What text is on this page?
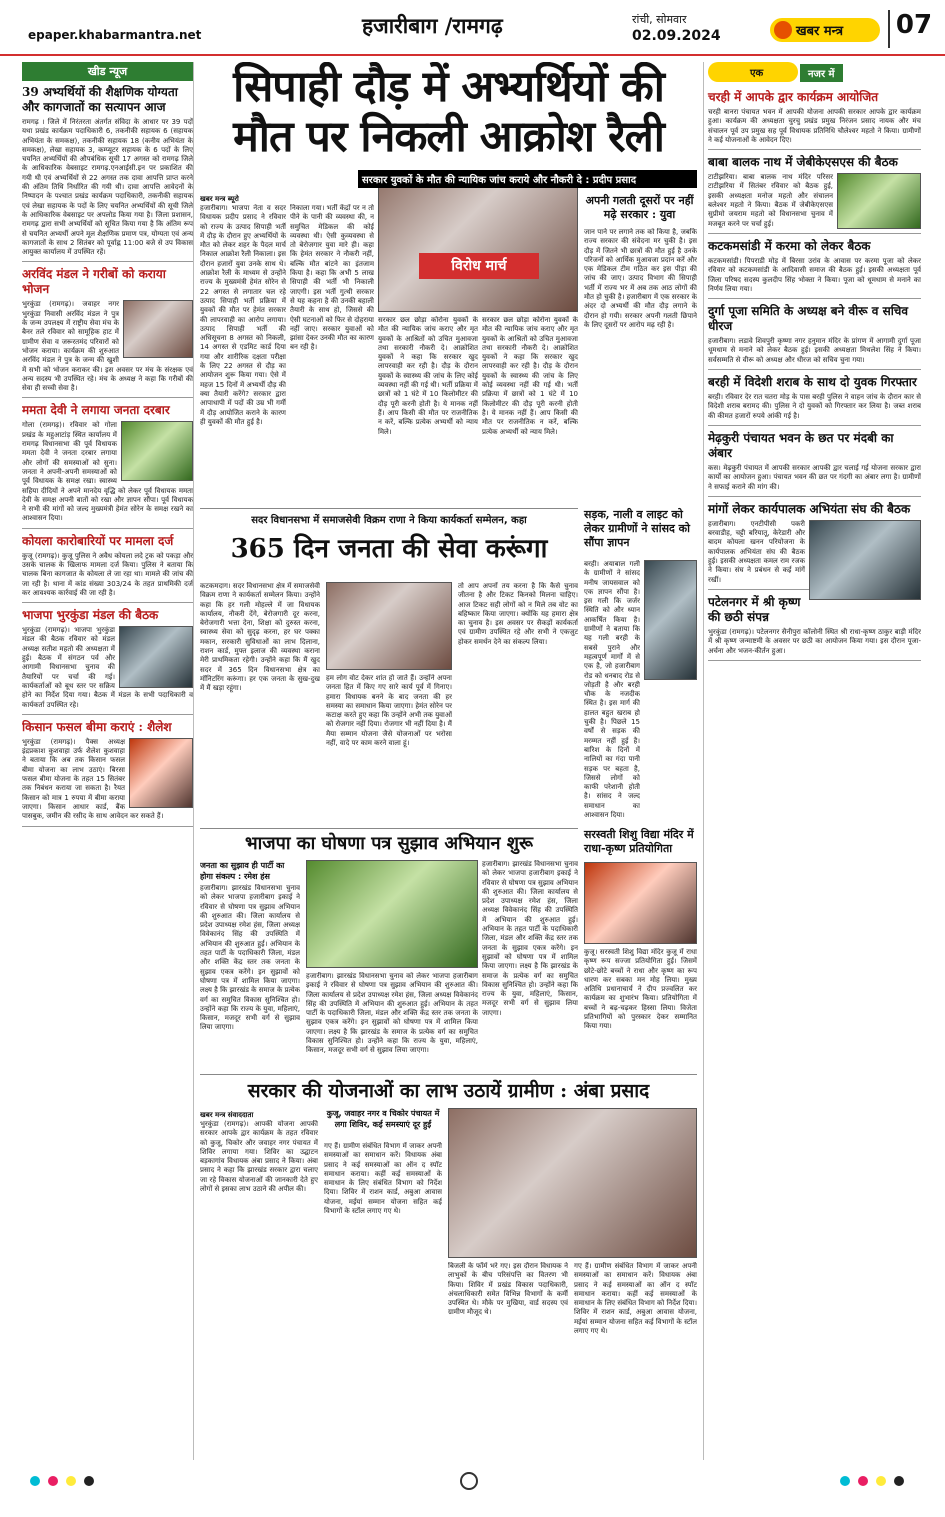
epaper.khabarmantra.net	हजारीबाग /रामगढ़	रांची, सोमवार
02.09.2024	खबर मन्त्र	07
खीड न्यूज
39 अभ्यर्थियों की शैक्षणिक योग्यता और कागजातों का सत्यापन आज
रामगढ़ । जिले में निरंतरता अंतर्गत संविदा के आधार पर 39 पदों यथा प्रखंड कार्यक्रम पदाधिकारी 6, तकनीकी सहायक 6 (सहायक अभियंता के समकक्ष), तकनीकी सहायक 18 (कनीय अभियंता के समकक्ष), लेखा सहायक 3, कम्प्यूटर सहायक के 6 पदों के लिए चयनित अभ्यर्थियों की औपबंधिक सूची 17 अगस्त को रामगढ़ जिले के आधिकारिक वेबसाइट रामगढ़.एनआईसी.इन पर प्रकाशित की गयी थी एवं अभ्यर्थियों से 22 अगस्त तक दावा आपत्ति प्राप्त करने की अंतिम तिथि निर्धारित की गयी थी। दावा आपत्ति आवेदनों के निष्पादन के पश्चात प्रखंड कार्यक्रम पदाधिकारी, तकनीकी सहायक एवं लेखा सहायक के पदों के लिए चयनित अभ्यर्थियों की सूची जिले के आधिकारिक वेबसाइट पर अपलोड किया गया है। जिला प्रशासन, रामगढ़ द्वारा सभी अभ्यर्थियों को सूचित किया गया है कि अंतिम रूप से चयनित अभ्यर्थी अपने मूल शैक्षणिक प्रमाण पत्र, योग्यता एवं अन्य कागजातों के साथ 2 सितंबर को पूर्वाह्न 11:00 बजे से उप विकास आयुक्त कार्यालय में उपस्थित रहें।
अरविंद मंडल ने गरीबों को कराया भोजन
भुरकुंडा (रामगढ़)। जवाहर नगर भुरकुंडा निवासी अरविंद मंडल ने पुत्र के जन्म उपलक्ष्य में राष्ट्रीय सेवा मंच के बैनर तले रविवार को सामूहिक हाट में ग्रामीण सेवा व जरूरतमंद परिवारों को भोजन कराया। कार्यक्रम की शुरुआत अरविंद मंडल ने पुत्र के जन्म की खुशी में सभी को भोजन कराकर की। इस अवसर पर मंच के संरक्षक एवं अन्य सदस्य भी उपस्थित रहे। मंच के अध्यक्ष ने कहा कि गरीबों की सेवा ही सच्ची सेवा है।
ममता देवी ने लगाया जनता दरबार
गोला (रामगढ़)। रविवार को गोला प्रखंड के महुआटांड़ स्थित कार्यालय में रामगढ़ विधानसभा की पूर्व विधायक ममता देवी ने जनता दरबार लगाया और लोगों की समस्याओं को सुना। जनता ने अपनी-अपनी समस्याओं को पूर्व विधायक के समक्ष रखा। स्वास्थ्य सहिया दीदियों ने अपने मानदेय वृद्धि को लेकर पूर्व विधायक ममता देवी के समक्ष अपनी बातों को रखा और ज्ञापन सौंपा। पूर्व विधायक ने सभी की मांगों को जल्द मुख्यमंत्री हेमंत सोरेन के समक्ष रखने का आश्वासन दिया।
कोयला कारोबारियों पर मामला दर्ज
कुजू (रामगढ़)। कुजू पुलिस ने अवैध कोयला लदे ट्रक को पकड़ा और उसके चालक के खिलाफ मामला दर्ज किया। पुलिस ने बताया कि चालक बिना कागजात के कोयला ले जा रहा था। मामले की जांच की जा रही है। थाना में कांड संख्या 303/24 के तहत प्राथमिकी दर्ज कर आवश्यक कार्रवाई की जा रही है।
भाजपा भुरकुंडा मंडल की बैठक
भुरकुंडा (रामगढ़)। भाजपा भुरकुंडा मंडल की बैठक रविवार को मंडल अध्यक्ष सतीश महतो की अध्यक्षता में हुई। बैठक में संगठन पर्व और आगामी विधानसभा चुनाव की तैयारियों पर चर्चा की गई। कार्यकर्ताओं को बूथ स्तर पर सक्रिय होने का निर्देश दिया गया। बैठक में मंडल के सभी पदाधिकारी व कार्यकर्ता उपस्थित रहे।
किसान फसल बीमा कराएं : शैलेश
भुरकुंडा (रामगढ़)। पैक्स अध्यक्ष इंद्रप्रकाश कुशवाहा उर्फ शैलेश कुशवाहा ने बताया कि अब तक किसान फसल बीमा योजना का लाभ उठाएं। बिरसा फसल बीमा योजना के तहत 15 सितंबर तक निबंधन कराया जा सकता है। रैयत किसान को मात्र 1 रुपया में बीमा कराया जाएगा। किसान आधार कार्ड, बैंक पासबुक, जमीन की रसीद के साथ आवेदन कर सकते हैं।
सिपाही दौड़ में अभ्यर्थियों की मौत पर निकली आक्रोश रैली
विरोध मार्च
सरकार युवकों के मौत की न्यायिक जांच कराये और नौकरी दे : प्रदीप प्रसाद
खबर मन्त्र ब्यूरो
हजारीबाग। भाजपा नेता व सदर विधायक प्रदीप प्रसाद ने रविवार को राज्य के उत्पाद सिपाही भर्ती में दौड़ के दौरान हुए अभ्यर्थियों के मौत को लेकर शहर के पैदल मार्च निकाल आक्रोश रैली निकाला। इस दौरान हजारों युवा उनके साथ थे। आक्रोश रैली के माध्यम से उन्होंने राज्य के मुख्यमंत्री हेमंत सोरेन से 22 अगस्त से लगातार चल रहे उत्पाद सिपाही भर्ती प्रक्रिया में युवकों की मौत पर हेमंत सरकार की लापरवाही का आरोप लगाया। उत्पाद सिपाही भर्ती की अधिसूचना 8 अगस्त को निकली, 14 अगस्त से एडमिट कार्ड दिया गया और शारीरिक दक्षता परीक्षा के लिए 22 अगस्त से दौड़ का आयोजन शुरू किया गया। ऐसे में महज 15 दिनों में अभ्यर्थी दौड़ की क्या तैयारी करेंगे? सरकार द्वारा आपाधापी में पदों की उम्र भी गर्मी में दौड़ आयोजित कराने के कारण ही युवकों की मौत हुई है।
निकाला गया। भर्ती केंद्रों पर न तो पीने के पानी की व्यवस्था की, न समुचित मेडिकल की कोई व्यवस्था थी। ऐसी कुव्यवस्था से तो बेरोजगार युवा मारे ही। कहा कि हेमंत सरकार ने नौकरी नहीं, बल्कि मौत बांटने का इंतजाम किया है। कहा कि अभी 5 लाख सिपाही की भर्ती भी निकाली जाएगी। इस भर्ती गुत्थी सरकार से यह कहना है की उनकी बहाली तैयारी के साथ हो, जिससे की ऐसी घटनाओं को फिर से दोहराया नहीं जाए। सरकार युवाओं को झांसा देकर उनकी मौत का कारण बन रही है।
सरकार छल छोड़ा कोरोना युवकों के मौत की न्यायिक जांच कराए और मृत युवकों के आश्रितों को उचित मुआवजा तथा सरकारी नौकरी दे। आक्रोशित युवकों ने कहा कि सरकार खुद लापरवाही कर रही है। दौड़ के दौरान युवकों के स्वास्थ्य की जांच के लिए कोई व्यवस्था नहीं की गई थी। भर्ती प्रक्रिया में छात्रों को 1 घंटे में 10 किलोमीटर की दौड़ पूरी करनी होती है। ये मानक नहीं हैं। आप किसी की मौत पर राजनीतिक न करें, बल्कि प्रत्येक अभ्यर्थी को न्याय मिले।
सरकार छल छोड़ा कोरोना युवकों के मौत की न्यायिक जांच कराए और मृत युवकों के आश्रितों को उचित मुआवजा तथा सरकारी नौकरी दे। आक्रोशित युवकों ने कहा कि सरकार खुद लापरवाही कर रही है। दौड़ के दौरान युवकों के स्वास्थ्य की जांच के लिए कोई व्यवस्था नहीं की गई थी। भर्ती प्रक्रिया में छात्रों को 1 घंटे में 10 किलोमीटर की दौड़ पूरी करनी होती है। ये मानक नहीं हैं। आप किसी की मौत पर राजनीतिक न करें, बल्कि प्रत्येक अभ्यर्थी को न्याय मिले।
अपनी गलती दूसरों पर नहीं मढ़े सरकार : युवा
जान पाने पर लगाने तक को किया है, जबकि राज्य सरकार की संवेदना मर चुकी है। इस दौड़ में जितने भी छात्रों की मौत हुई है उनके परिजनों को आर्थिक मुआवजा प्रदान करें और एक मेडिकल टीम गठित कर इस पीड़ा की जांच की जाए। उत्पाद विभाग की सिपाही भर्ती में राज्य भर में अब तक आठ लोगों की मौत हो चुकी है। हजारीबाग में एक सरकार के अंदर दो अभ्यर्थी की मौत दौड़ लगाने के दौरान हो गयी। सरकार अपनी गलती छिपाने के लिए दूसरों पर आरोप मढ़ रही है।
सदर विधानसभा में समाजसेवी विक्रम राणा ने किया कार्यकर्ता सम्मेलन, कहा
365 दिन जनता की सेवा करूंगा
कटकमदाग। सदर विधानसभा क्षेत्र में समाजसेवी विक्रम राणा ने कार्यकर्ता सम्मेलन किया। उन्होंने कहा कि हर गली मोहल्ले में जा विधायक कार्यालय, नौकरी देंगे, बेरोजगारी दूर करना, बेरोजगारी भत्ता देना, शिक्षा को दुरुस्त करना, स्वास्थ्य सेवा को सुदृढ़ करना, हर घर पक्का मकान, सरकारी सुविधाओं का लाभ दिलाना, राशन कार्ड, मुफ्त इलाज की व्यवस्था कराना मेरी प्राथमिकता रहेगी। उन्होंने कहा कि मैं खुद सदर में 365 दिन विधानसभा क्षेत्र का मॉनिटरिंग करूंगा। हर एक जनता के सुख-दुख में मैं खड़ा रहूंगा।
हम लोग वोट देकर शांत हो जाते हैं। उन्होंने अपना जनता हित में किए गए सारे कार्य पूर्व में गिनाए। हमारा विधायक बनने के बाद जनता की हर समस्या का समाधान किया जाएगा। हेमंत सोरेन पर कटाक्ष करते हुए कहा कि उन्होंने अभी तक युवाओं को रोजगार नहीं दिया। रोजगार भी नहीं दिया है। मैं मैया सम्मान योजना जैसे योजनाओं पर भरोसा नहीं, वादे पर काम करने वाला हूं।
तो आप अपनों तय करना है कि कैसे चुनाव जीतना है और टिकट किनको मिलना चाहिए। आज टिकट सही लोगों को न मिले तब वोट का बहिष्कार किया जाएगा। क्योंकि यह हमारा क्षेत्र का चुनाव है। इस अवसर पर सैकड़ों कार्यकर्ता एवं ग्रामीण उपस्थित रहे और सभी ने एकजुट होकर समर्थन देने का संकल्प लिया।
सड़क, नाली व लाइट को लेकर ग्रामीणों ने सांसद को सौंपा ज्ञापन
बरही। अयाबाल गली के ग्रामीणों ने सांसद मनीष जायसवाल को एक ज्ञापन सौंपा है। इस गली कि जर्जर स्थिति को और ध्यान आकर्षित किया है। ग्रामीणों ने बताया कि यह गली बरही के सबसे पुराने और महत्वपूर्ण मार्गों में से एक है, जो हजारीबाग रोड को धनबाद रोड से जोड़ती है और बरही चौक के नजदीक स्थित है। इस मार्ग की हालत बहुत खराब हो चुकी है। पिछले 15 वर्षों से सड़क की मरम्मत नहीं हुई है। बारिश के दिनों में नालियों का गंदा पानी सड़क पर बहता है, जिससे लोगों को काफी परेशानी होती है। सांसद ने जल्द समाधान का आश्वासन दिया।
भाजपा का घोषणा पत्र सुझाव अभियान शुरू
जनता का सुझाव ही पार्टी का होगा संकल्प : रमेश हंस
हजारीबाग। झारखंड विधानसभा चुनाव को लेकर भाजपा हजारीबाग इकाई ने रविवार से घोषणा पत्र सुझाव अभियान की शुरुआत की। जिला कार्यालय से प्रदेश उपाध्यक्ष रमेश हंस, जिला अध्यक्ष विवेकानंद सिंह की उपस्थिति में अभियान की शुरुआत हुई। अभियान के तहत पार्टी के पदाधिकारी जिला, मंडल और शक्ति केंद्र स्तर तक जनता के सुझाव एकत्र करेंगे। इन सुझावों को घोषणा पत्र में शामिल किया जाएगा। लक्ष्य है कि झारखंड के समाज के प्रत्येक वर्ग का समुचित विकास सुनिश्चित हो। उन्होंने कहा कि राज्य के युवा, महिलाएं, किसान, मजदूर सभी वर्ग से सुझाव लिया जाएगा।
हजारीबाग। झारखंड विधानसभा चुनाव को लेकर भाजपा हजारीबाग इकाई ने रविवार से घोषणा पत्र सुझाव अभियान की शुरुआत की। जिला कार्यालय से प्रदेश उपाध्यक्ष रमेश हंस, जिला अध्यक्ष विवेकानंद सिंह की उपस्थिति में अभियान की शुरुआत हुई। अभियान के तहत पार्टी के पदाधिकारी जिला, मंडल और शक्ति केंद्र स्तर तक जनता के सुझाव एकत्र करेंगे। इन सुझावों को घोषणा पत्र में शामिल किया जाएगा। लक्ष्य है कि झारखंड के समाज के प्रत्येक वर्ग का समुचित विकास सुनिश्चित हो। उन्होंने कहा कि राज्य के युवा, महिलाएं, किसान, मजदूर सभी वर्ग से सुझाव लिया जाएगा।
हजारीबाग। झारखंड विधानसभा चुनाव को लेकर भाजपा हजारीबाग इकाई ने रविवार से घोषणा पत्र सुझाव अभियान की शुरुआत की। जिला कार्यालय से प्रदेश उपाध्यक्ष रमेश हंस, जिला अध्यक्ष विवेकानंद सिंह की उपस्थिति में अभियान की शुरुआत हुई। अभियान के तहत पार्टी के पदाधिकारी जिला, मंडल और शक्ति केंद्र स्तर तक जनता के सुझाव एकत्र करेंगे। इन सुझावों को घोषणा पत्र में शामिल किया जाएगा। लक्ष्य है कि झारखंड के समाज के प्रत्येक वर्ग का समुचित विकास सुनिश्चित हो। उन्होंने कहा कि राज्य के युवा, महिलाएं, किसान, मजदूर सभी वर्ग से सुझाव लिया जाएगा।
सरस्वती शिशु विद्या मंदिर में राधा-कृष्ण प्रतियोगिता
कुजू। सरस्वती शिशु विद्या मंदिर कुजू में राधा कृष्ण रूप सज्जा प्रतियोगिता हुई। जिसमें छोटे-छोटे बच्चों ने राधा और कृष्ण का रूप धारण कर सबका मन मोह लिया। मुख्य अतिथि प्रधानाचार्य ने दीप प्रज्वलित कर कार्यक्रम का शुभारंभ किया। प्रतियोगिता में बच्चों ने बढ़-चढ़कर हिस्सा लिया। विजेता प्रतिभागियों को पुरस्कार देकर सम्मानित किया गया।
सरकार की योजनाओं का लाभ उठायें ग्रामीण : अंबा प्रसाद
खबर मन्त्र संवाददाता
भुरकुंडा (रामगढ़)। आपकी योजना आपकी सरकार आपके द्वार कार्यक्रम के तहत रविवार को कुजू, चिकोर और जवाहर नगर पंचायत में शिविर लगाया गया। शिविर का उद्घाटन बड़कागांव विधायक अंबा प्रसाद ने किया। अंबा प्रसाद ने कहा कि झारखंड सरकार द्वारा चलाए जा रहे विकास योजनाओं की जानकारी देते हुए लोगों से इसका लाभ उठाने की अपील की।
कुजू, जवाहर नगर व चिकोर पंचायत में लगा शिविर, कई समस्याएं दूर हुईं
गए हैं। ग्रामीण संबंधित विभाग में जाकर अपनी समस्याओं का समाधान करें। विधायक अंबा प्रसाद ने कई समस्याओं का ऑन द स्पॉट समाधान कराया। कहीं कई समस्याओं के समाधान के लिए संबंधित विभाग को निर्देश दिया। शिविर में राशन कार्ड, अबुआ आवास योजना, मईयां सम्मान योजना सहित कई विभागों के स्टॉल लगाए गए थे।
बिजली के फॉर्म भरे गए। इस दौरान विधायक ने लाभुकों के बीच परिसंपत्ति का वितरण भी किया। शिविर में प्रखंड विकास पदाधिकारी, अंचलाधिकारी समेत विभिन्न विभागों के कर्मी उपस्थित थे। मौके पर मुखिया, वार्ड सदस्य एवं ग्रामीण मौजूद थे।
गए हैं। ग्रामीण संबंधित विभाग में जाकर अपनी समस्याओं का समाधान करें। विधायक अंबा प्रसाद ने कई समस्याओं का ऑन द स्पॉट समाधान कराया। कहीं कई समस्याओं के समाधान के लिए संबंधित विभाग को निर्देश दिया। शिविर में राशन कार्ड, अबुआ आवास योजना, मईयां सम्मान योजना सहित कई विभागों के स्टॉल लगाए गए थे।
एक	नजर में
चरही में आपके द्वार कार्यक्रम आयोजित
चरही बानरा पंचायत भवन में आपकी योजना आपकी सरकार आपके द्वार कार्यक्रम हुआ। कार्यक्रम की अध्यक्षता चुरचु प्रखंड प्रमुख निरंजन प्रसाद नायक और मंच संचालन पूर्व उप प्रमुख सह पूर्व विधायक प्रतिनिधि चौलेश्वर महतो ने किया। ग्रामीणों ने कई योजनाओं के आवेदन दिए।
बाबा बालक नाथ में जेबीकेएसएस की बैठक
टाटीझरिया। बाबा बालक नाथ मंदिर परिसर टाटीझरिया में सितंबर रविवार को बैठक हुई, इसकी अध्यक्षता मनोज महतो और संचालन बलेश्वर महतो ने किया। बैठक में जेबीकेएसएस सुप्रीमो जयराम महतो को विधानसभा चुनाव में मजबूत करने पर चर्चा हुई।
कटकमसांडी में करमा को लेकर बैठक
कटकमसांडी। पिपराडी मोड़ में बिरसा उरांव के आवास पर करमा पूजा को लेकर रविवार को कटकमसांडी के आदिवासी समाज की बैठक हुई। इसकी अध्यक्षता पूर्व जिला परिषद सदस्य कुलदीप सिंह भोक्ता ने किया। पूजा को धूमधाम से मनाने का निर्णय लिया गया।
दुर्गा पूजा समिति के अध्यक्ष बने वीरू व सचिव धीरज
हजारीबाग। लडावे शिवपुरी कृष्णा नगर हनुमान मंदिर के प्रांगण में आगामी दुर्गा पूजा धूमधाम से मनाने को लेकर बैठक हुई। इसकी अध्यक्षता मिथलेश सिंह ने किया। सर्वसम्मति से वीरू को अध्यक्ष और धीरज को सचिव चुना गया।
बरही में विदेशी शराब के साथ दो युवक गिरफ्तार
बरही। रविवार देर रात चतरा मोड़ के पास बरही पुलिस ने वाहन जांच के दौरान कार से विदेशी शराब बरामद की। पुलिस ने दो युवकों को गिरफ्तार कर लिया है। जब्त शराब की कीमत हजारों रुपये आंकी गई है।
मेढ़कुरी पंचायत भवन के छत पर मंदबी का अंबार
कस। मेढ़कुरी पंचायत में आपकी सरकार आपकी द्वार चलाई गई योजना सरकार द्वारा कार्यों का आयोजन हुआ। पंचायत भवन की छत पर गंदगी का अंबार लगा है। ग्रामीणों ने सफाई कराने की मांग की।
मांगों लेकर कार्यपालक अभियंता संघ की बैठक
हजारीबाग। एनटीपीसी पकरी बरवाडीह, चट्टी बरियातू, केरेडारी और बादम कोयला खनन परियोजना के कार्यपालक अभियंता संघ की बैठक हुई। इसकी अध्यक्षता कमल राम रजक ने किया। संघ ने प्रबंधन से कई मांगें रखीं।
पटेलनगर में श्री कृष्ण की छठी संपन्न
भुरकुंडा (रामगढ़)। पटेलनगर सैनीपुरा कॉलोनी स्थित श्री राधा-कृष्ण ठाकुर बाड़ी मंदिर में श्री कृष्ण जन्माष्टमी के अवसर पर छठी का आयोजन किया गया। इस दौरान पूजा-अर्चना और भजन-कीर्तन हुआ।
